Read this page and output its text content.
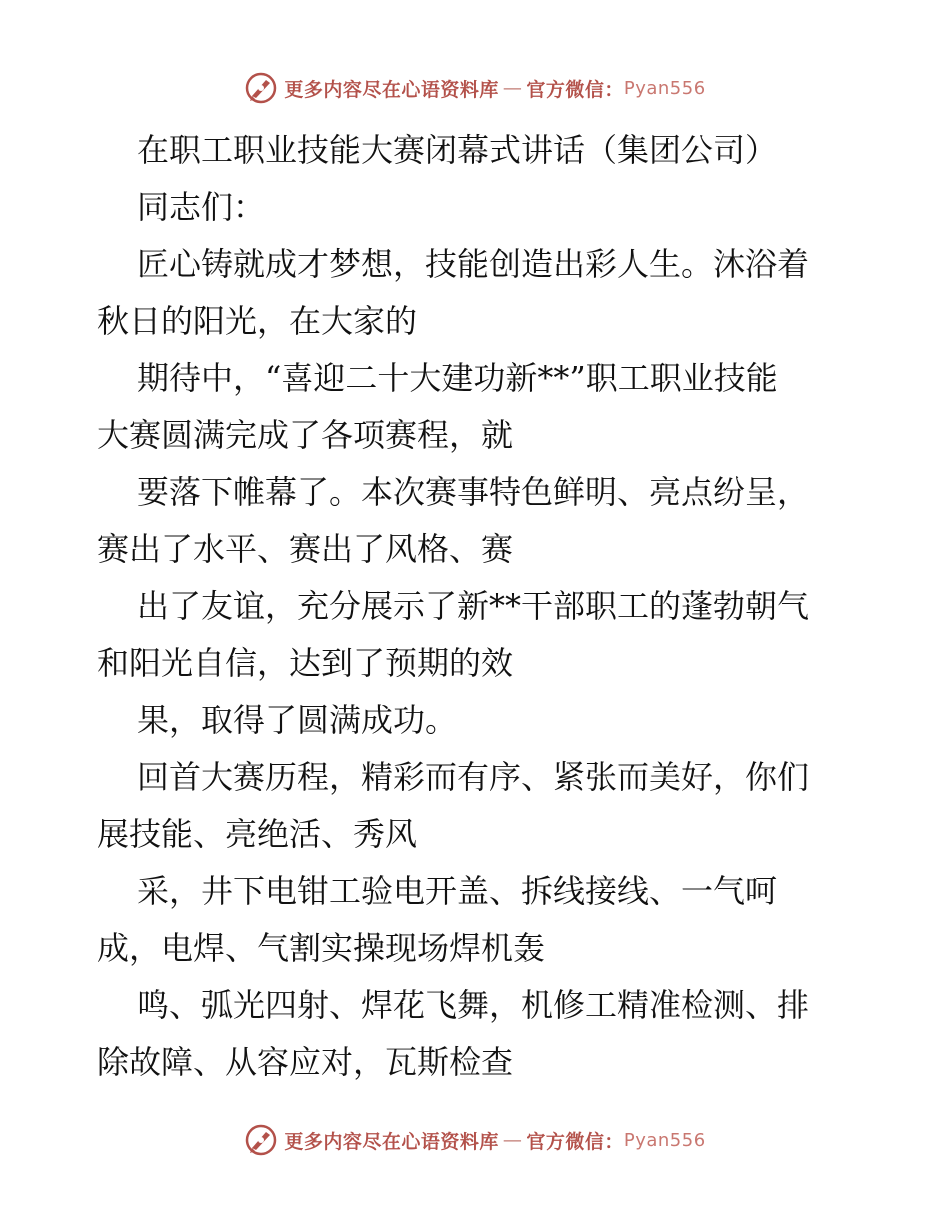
更多内容尽在心语资料库 — 官方微信： Pyan556

在职工职业技能大赛闭幕式讲话（集团公司）

同志们：

匠心铸就成才梦想，技能创造出彩人生。沐浴着

秋日的阳光，在大家的

期待中，“喜迎二十大建功新**”职工职业技能

大赛圆满完成了各项赛程，就

要落下帷幕了。本次赛事特色鲜明、亮点纷呈，

赛出了水平、赛出了风格、赛

出了友谊，充分展示了新**干部职工的蓬勃朝气

和阳光自信，达到了预期的效

果，取得了圆满成功。

回首大赛历程，精彩而有序、紧张而美好，你们

展技能、亮绝活、秀风

采，井下电钳工验电开盖、拆线接线、一气呵

成，电焊、气割实操现场焊机轰

鸣、弧光四射、焊花飞舞，机修工精准检测、排

除故障、从容应对，瓦斯检查

更多内容尽在心语资料库 — 官方微信： Pyan556
